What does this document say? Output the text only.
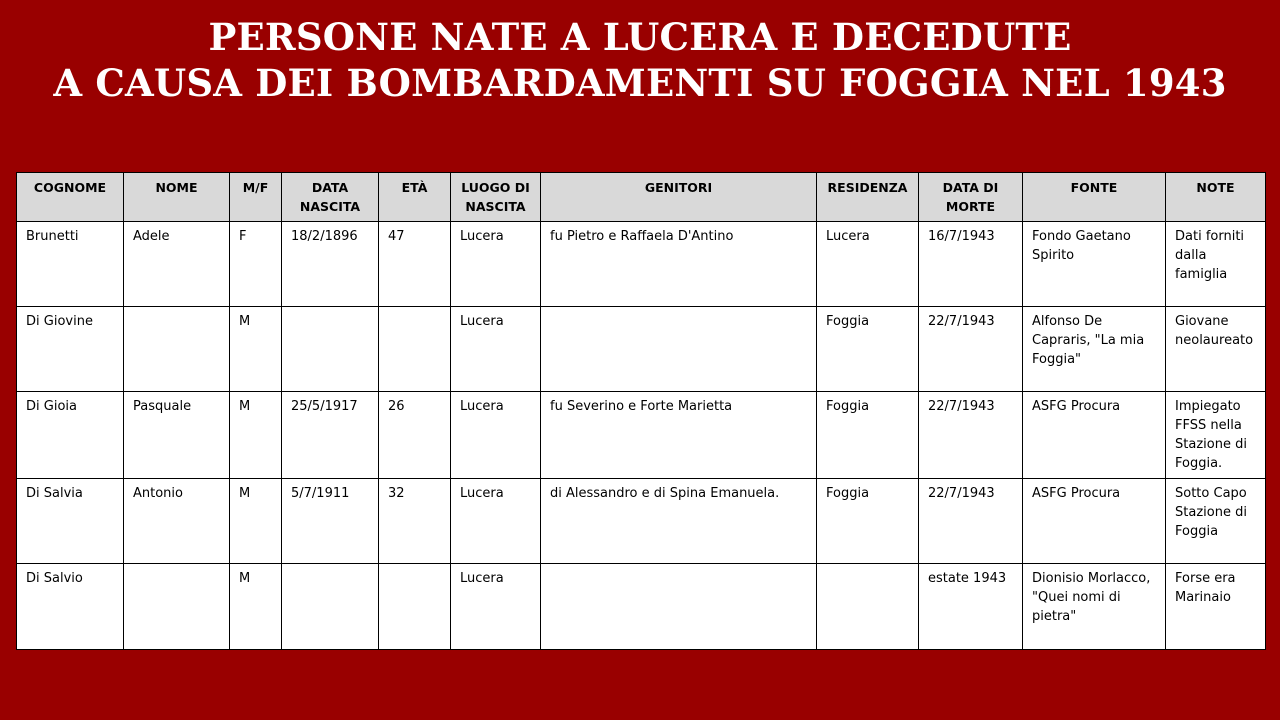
PERSONE NATE A LUCERA E DECEDUTE
A CAUSA DEI BOMBARDAMENTI SU FOGGIA NEL 1943
COGNOME	NOME	M/F	DATA NASCITA	ETÀ	LUOGO DI NASCITA	GENITORI	RESIDENZA	DATA DI MORTE	FONTE	NOTE
Brunetti	Adele	F	18/2/1896	47	Lucera	fu Pietro e Raffaela D'Antino	Lucera	16/7/1943	Fondo Gaetano Spirito	Dati forniti dalla famiglia
Di Giovine		M			Lucera		Foggia	22/7/1943	Alfonso De Capraris, "La mia Foggia"	Giovane neolaureato
Di Gioia	Pasquale	M	25/5/1917	26	Lucera	fu Severino e Forte Marietta	Foggia	22/7/1943	ASFG Procura	Impiegato FFSS nella Stazione di Foggia.
Di Salvia	Antonio	M	5/7/1911	32	Lucera	di Alessandro e di Spina Emanuela.	Foggia	22/7/1943	ASFG Procura	Sotto Capo Stazione di Foggia
Di Salvio		M			Lucera			estate 1943	Dionisio Morlacco, "Quei nomi di pietra"	Forse era Marinaio
